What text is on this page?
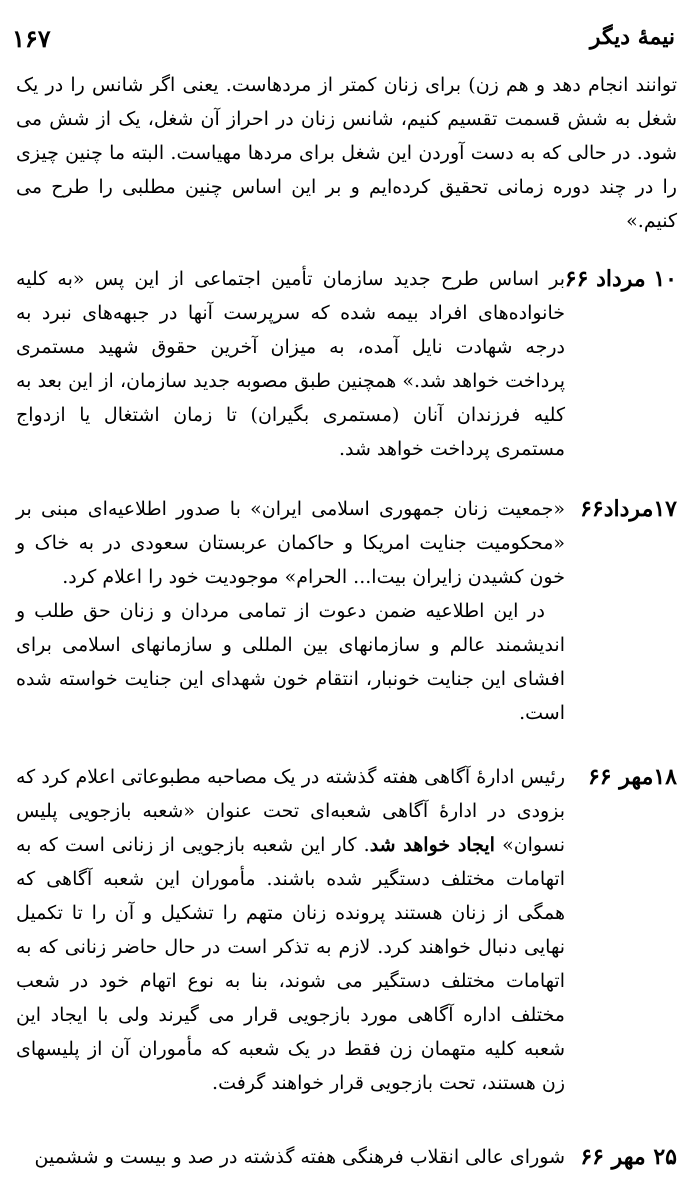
نیمهٔ دیگر
۱۶۷
توانند انجام دهد و هم زن) برای زنان کمتر از مردهاست. یعنی اگر شانس را در یک شغل به شش قسمت تقسیم کنیم، شانس زنان در احراز آن شغل، یک از شش می شود. در حالی که به دست آوردن این شغل برای مردها مهیاست. البته ما چنین چیزی را در چند دوره زمانی تحقیق کرده‌ایم و بر این اساس چنین مطلبی را طرح می کنیم.»
۱۰ مرداد ۶۶

بر اساس طرح جدید سازمان تأمین اجتماعی از این پس «به کلیه خانواده‌های افراد بیمه شده که سرپرست آنها در جبهه‌های نبرد به درجه شهادت نایل آمده، به میزان آخرین حقوق شهید مستمری پرداخت خواهد شد.» همچنین طبق مصوبه جدید سازمان، از این بعد به کلیه فرزندان آنان (مستمری بگیران) تا زمان اشتغال یا ازدواج مستمری پرداخت خواهد شد.

۱۷مرداد۶۶

«جمعیت زنان جمهوری اسلامی ایران» با صدور اطلاعیه‌ای مبنی بر «محکومیت جنایت امریکا و حاکمان عربستان سعودی در به خاک و خون کشیدن زایران بیت‌ا... الحرام» موجودیت خود را اعلام کرد.

در این اطلاعیه ضمن دعوت از تمامی مردان و زنان حق طلب و اندیشمند عالم و سازمانهای بین المللی و سازمانهای اسلامی برای افشای این جنایت خونبار، انتقام خون شهدای این جنایت خواسته شده است.

۱۸مهر ۶۶

رئیس ادارهٔ آگاهی هفته گذشته در یک مصاحبه مطبوعاتی اعلام کرد که بزودی در ادارهٔ آگاهی شعبه‌ای تحت عنوان «شعبه بازجویی پلیس نسوان» ایجاد خواهد شد. کار این شعبه بازجویی از زنانی است که به اتهامات مختلف دستگیر شده باشند. مأموران این شعبه آگاهی که همگی از زنان هستند پرونده زنان متهم را تشکیل و آن را تا تکمیل نهایی دنبال خواهند کرد. لازم به تذکر است در حال حاضر زنانی که به اتهامات مختلف دستگیر می شوند، بنا به نوع اتهام خود در شعب مختلف اداره آگاهی مورد بازجویی قرار می گیرند ولی با ایجاد این شعبه کلیه متهمان زن فقط در یک شعبه که مأموران آن از پلیسهای زن هستند، تحت بازجویی قرار خواهند گرفت.

۲۵ مهر ۶۶

شورای عالی انقلاب فرهنگی هفته گذشته در صد و بیست و ششمین
